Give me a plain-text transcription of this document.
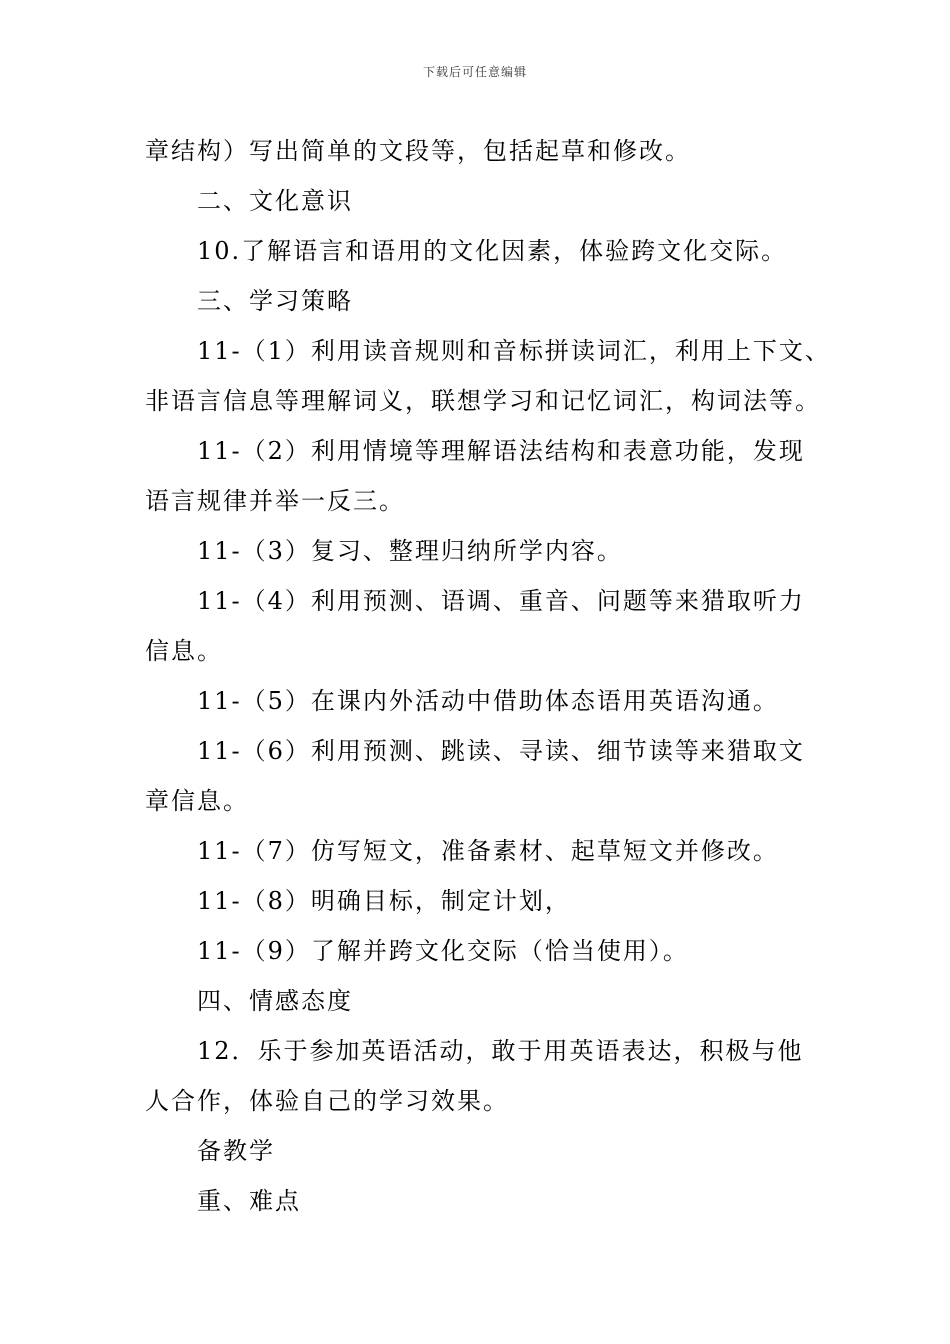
下载后可任意编辑
章结构）写出简单的文段等，包括起草和修改。
二、文化意识
10.了解语言和语用的文化因素，体验跨文化交际。
三、学习策略
11-（1）利用读音规则和音标拼读词汇，利用上下文、
非语言信息等理解词义，联想学习和记忆词汇，构词法等。
11-（2）利用情境等理解语法结构和表意功能，发现
语言规律并举一反三。
11-（3）复习、整理归纳所学内容。
11-（4）利用预测、语调、重音、问题等来猎取听力
信息。
11-（5）在课内外活动中借助体态语用英语沟通。
11-（6）利用预测、跳读、寻读、细节读等来猎取文
章信息。
11-（7）仿写短文，准备素材、起草短文并修改。
11-（8）明确目标，制定计划，
11-（9）了解并跨文化交际（恰当使用）。
四、情感态度
12．乐于参加英语活动，敢于用英语表达，积极与他
人合作，体验自己的学习效果。
备教学
重、难点
